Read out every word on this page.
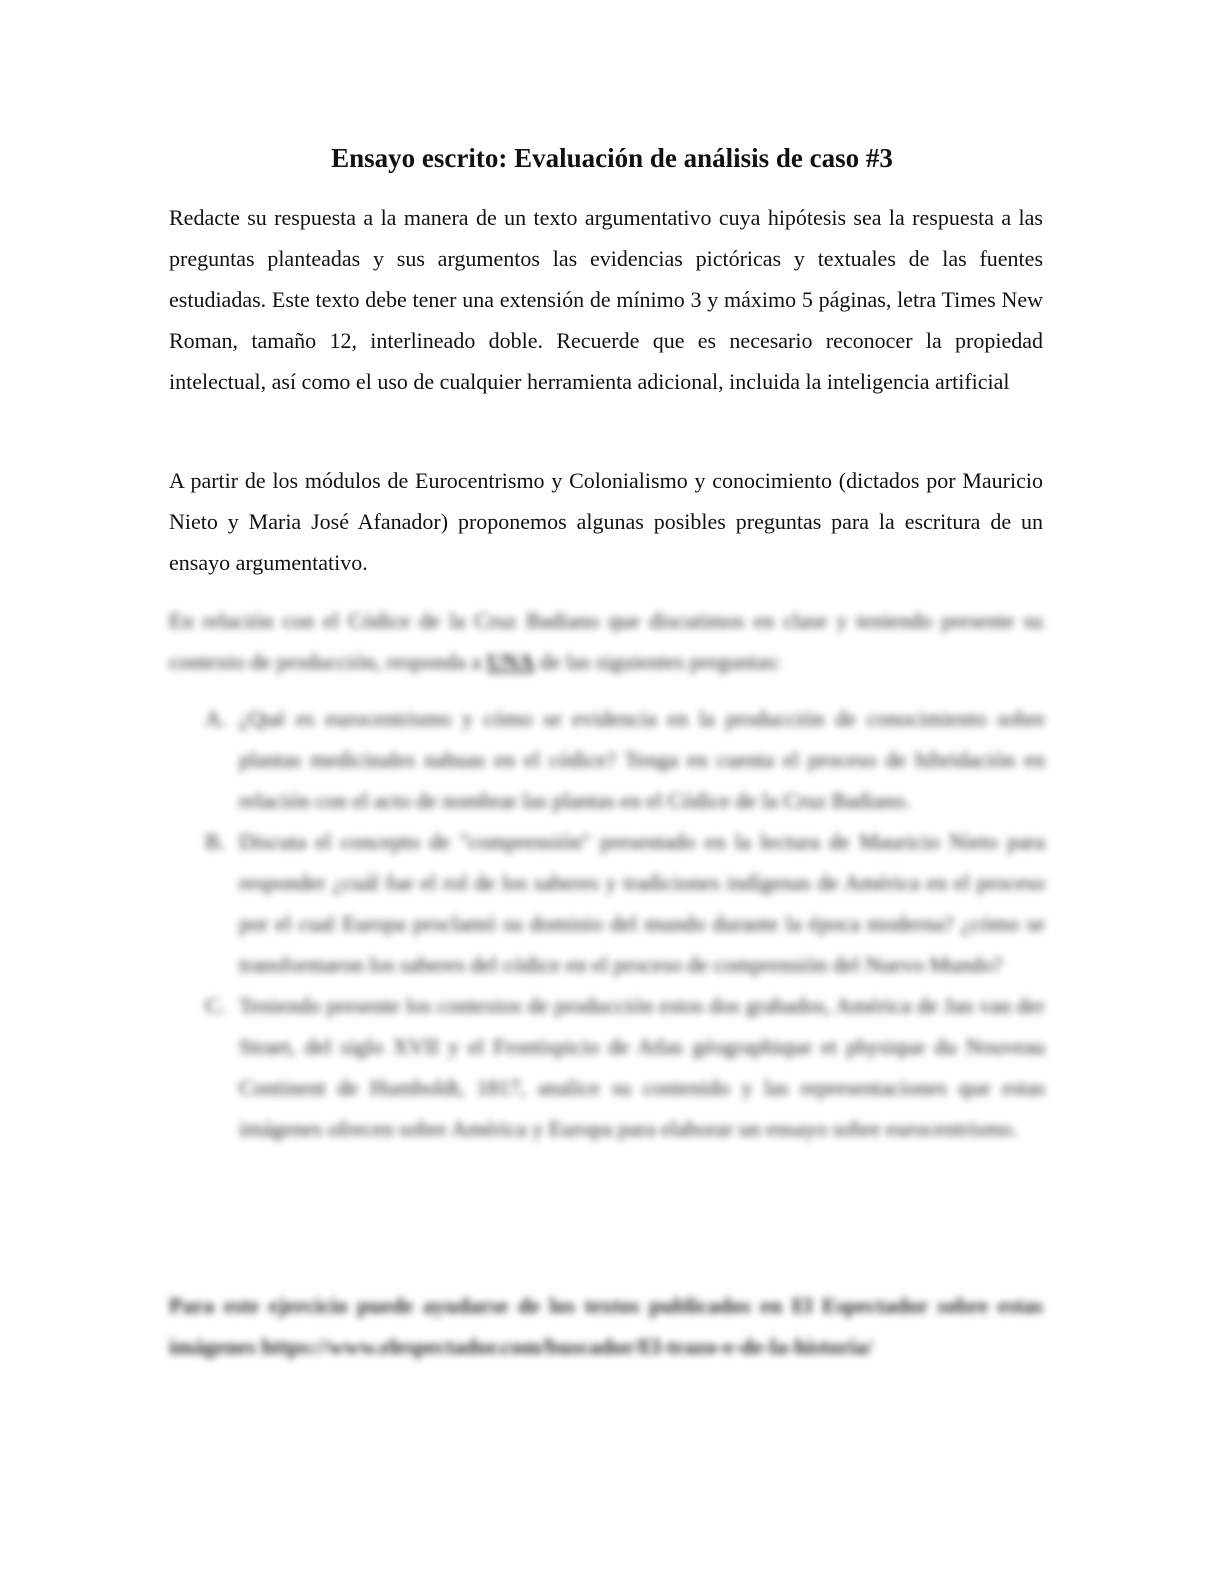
Ensayo escrito: Evaluación de análisis de caso #3

Redacte su respuesta a la manera de un texto argumentativo cuya hipótesis sea la respuesta a las preguntas planteadas y sus argumentos las evidencias pictóricas y textuales de las fuentes estudiadas. Este texto debe tener una extensión de mínimo 3 y máximo 5 páginas, letra Times New Roman, tamaño 12, interlineado doble. Recuerde que es necesario reconocer la propiedad intelectual, así como el uso de cualquier herramienta adicional, incluida la inteligencia artificial

A partir de los módulos de Eurocentrismo y Colonialismo y conocimiento (dictados por Mauricio Nieto y Maria José Afanador) proponemos algunas posibles preguntas para la escritura de un ensayo argumentativo.

En relación con el Códice de la Cruz Badiano que discutimos en clase y teniendo presente su contexto de producción, responda a UNA de las siguientes preguntas:

A. ¿Qué es eurocentrismo y cómo se evidencia en la producción de conocimiento sobre plantas medicinales nahuas en el códice? Tenga en cuenta el proceso de hibridación en relación con el acto de nombrar las plantas en el Códice de la Cruz Badiano.
B. Discuta el concepto de "comprensión" presentado en la lectura de Mauricio Nieto para responder ¿cuál fue el rol de los saberes y tradiciones indígenas de América en el proceso por el cual Europa proclamó su dominio del mundo durante la época moderna? ¿cómo se transformaron los saberes del códice en el proceso de comprensión del Nuevo Mundo?
C. Teniendo presente los contextos de producción estos dos grabados, América de Jan van der Straet, del siglo XVII y el Frontispicio de Atlas géographique et physique du Nouveau Continent de Humboldt, 1817, analice su contenido y las representaciones que estas imágenes ofrecen sobre América y Europa para elaborar un ensayo sobre eurocentrismo.

Para este ejercicio puede ayudarse de los textos publicados en El Espectador sobre estas imágenes https://www.elespectador.com/buscador/El-trazo-e-de-la-historia/
